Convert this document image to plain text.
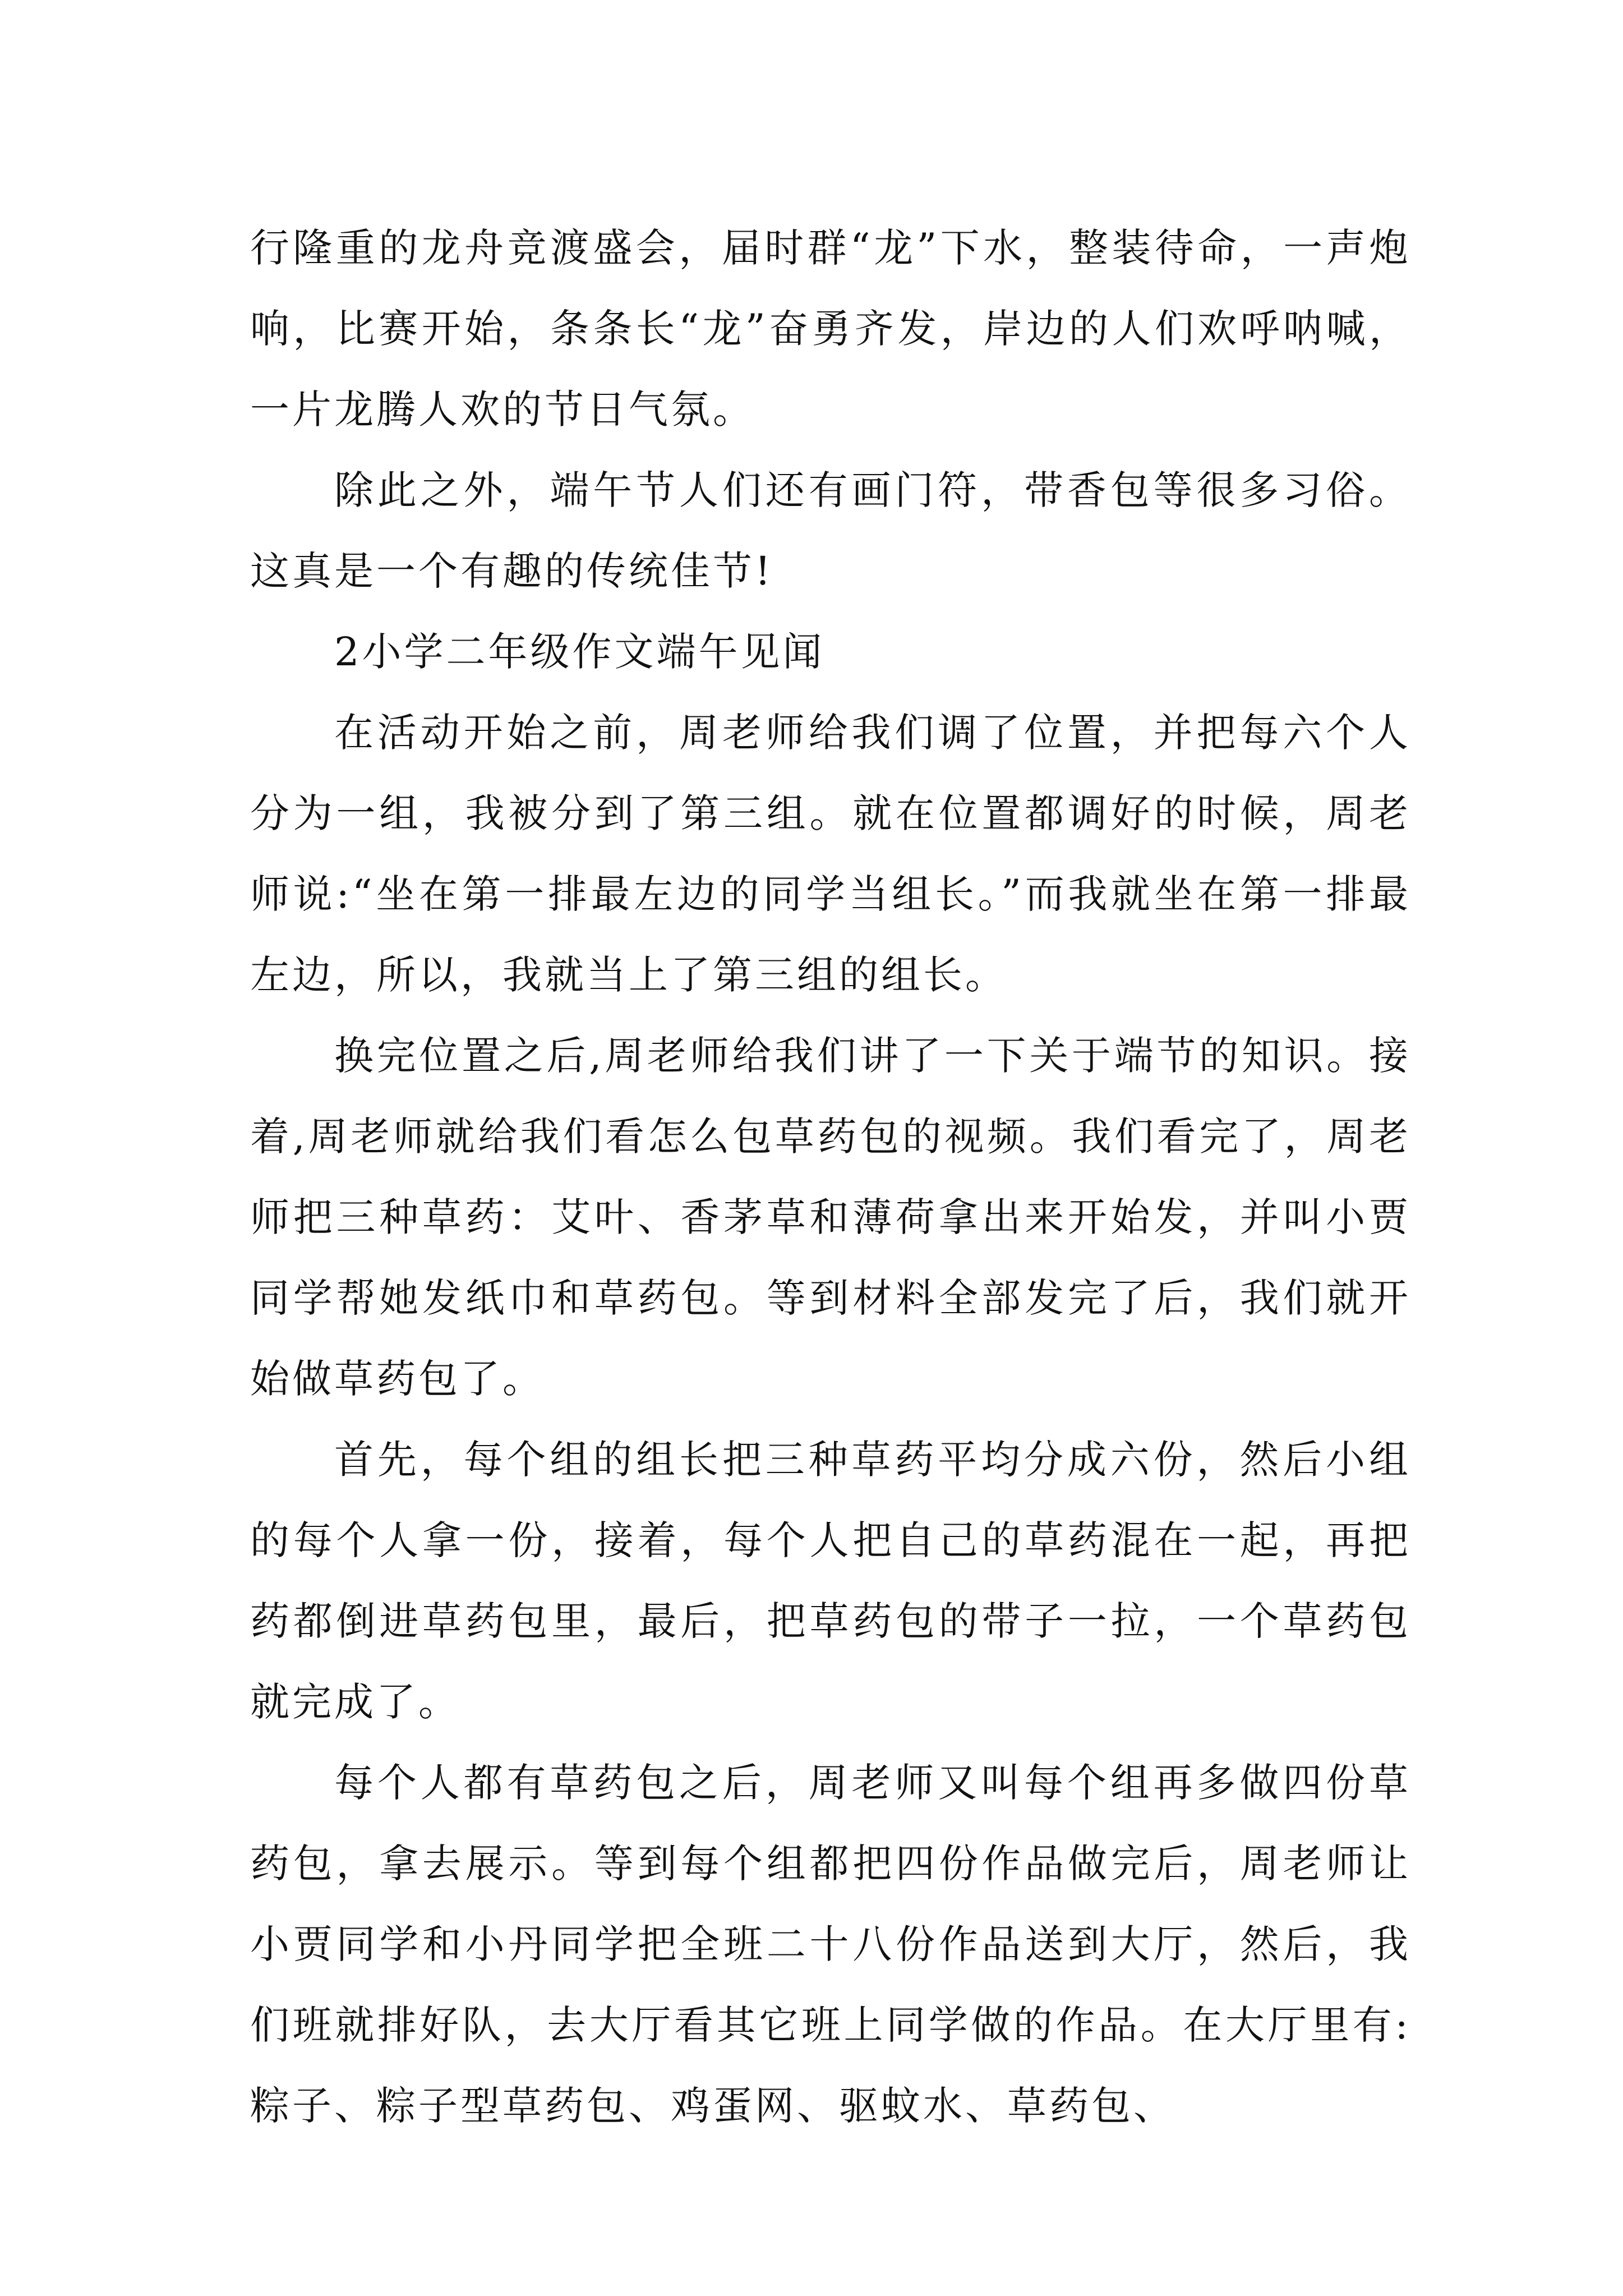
行隆重的龙舟竞渡盛会，届时群“龙”下水，整装待命，一声炮响，比赛开始，条条长“龙”奋勇齐发，岸边的人们欢呼呐喊，一片龙腾人欢的节日气氛。

除此之外，端午节人们还有画门符，带香包等很多习俗。这真是一个有趣的传统佳节!

2小学二年级作文端午见闻

在活动开始之前，周老师给我们调了位置，并把每六个人分为一组，我被分到了第三组。就在位置都调好的时候，周老师说:“坐在第一排最左边的同学当组长。”而我就坐在第一排最左边，所以，我就当上了第三组的组长。

换完位置之后,周老师给我们讲了一下关于端节的知识。接着,周老师就给我们看怎么包草药包的视频。我们看完了，周老师把三种草药：艾叶、香茅草和薄荷拿出来开始发，并叫小贾同学帮她发纸巾和草药包。等到材料全部发完了后，我们就开始做草药包了。

首先，每个组的组长把三种草药平均分成六份，然后小组的每个人拿一份，接着，每个人把自己的草药混在一起，再把药都倒进草药包里，最后，把草药包的带子一拉，一个草药包就完成了。

每个人都有草药包之后，周老师又叫每个组再多做四份草药包，拿去展示。等到每个组都把四份作品做完后，周老师让小贾同学和小丹同学把全班二十八份作品送到大厅，然后，我们班就排好队，去大厅看其它班上同学做的作品。在大厅里有:粽子、粽子型草药包、鸡蛋网、驱蚊水、草药包、
